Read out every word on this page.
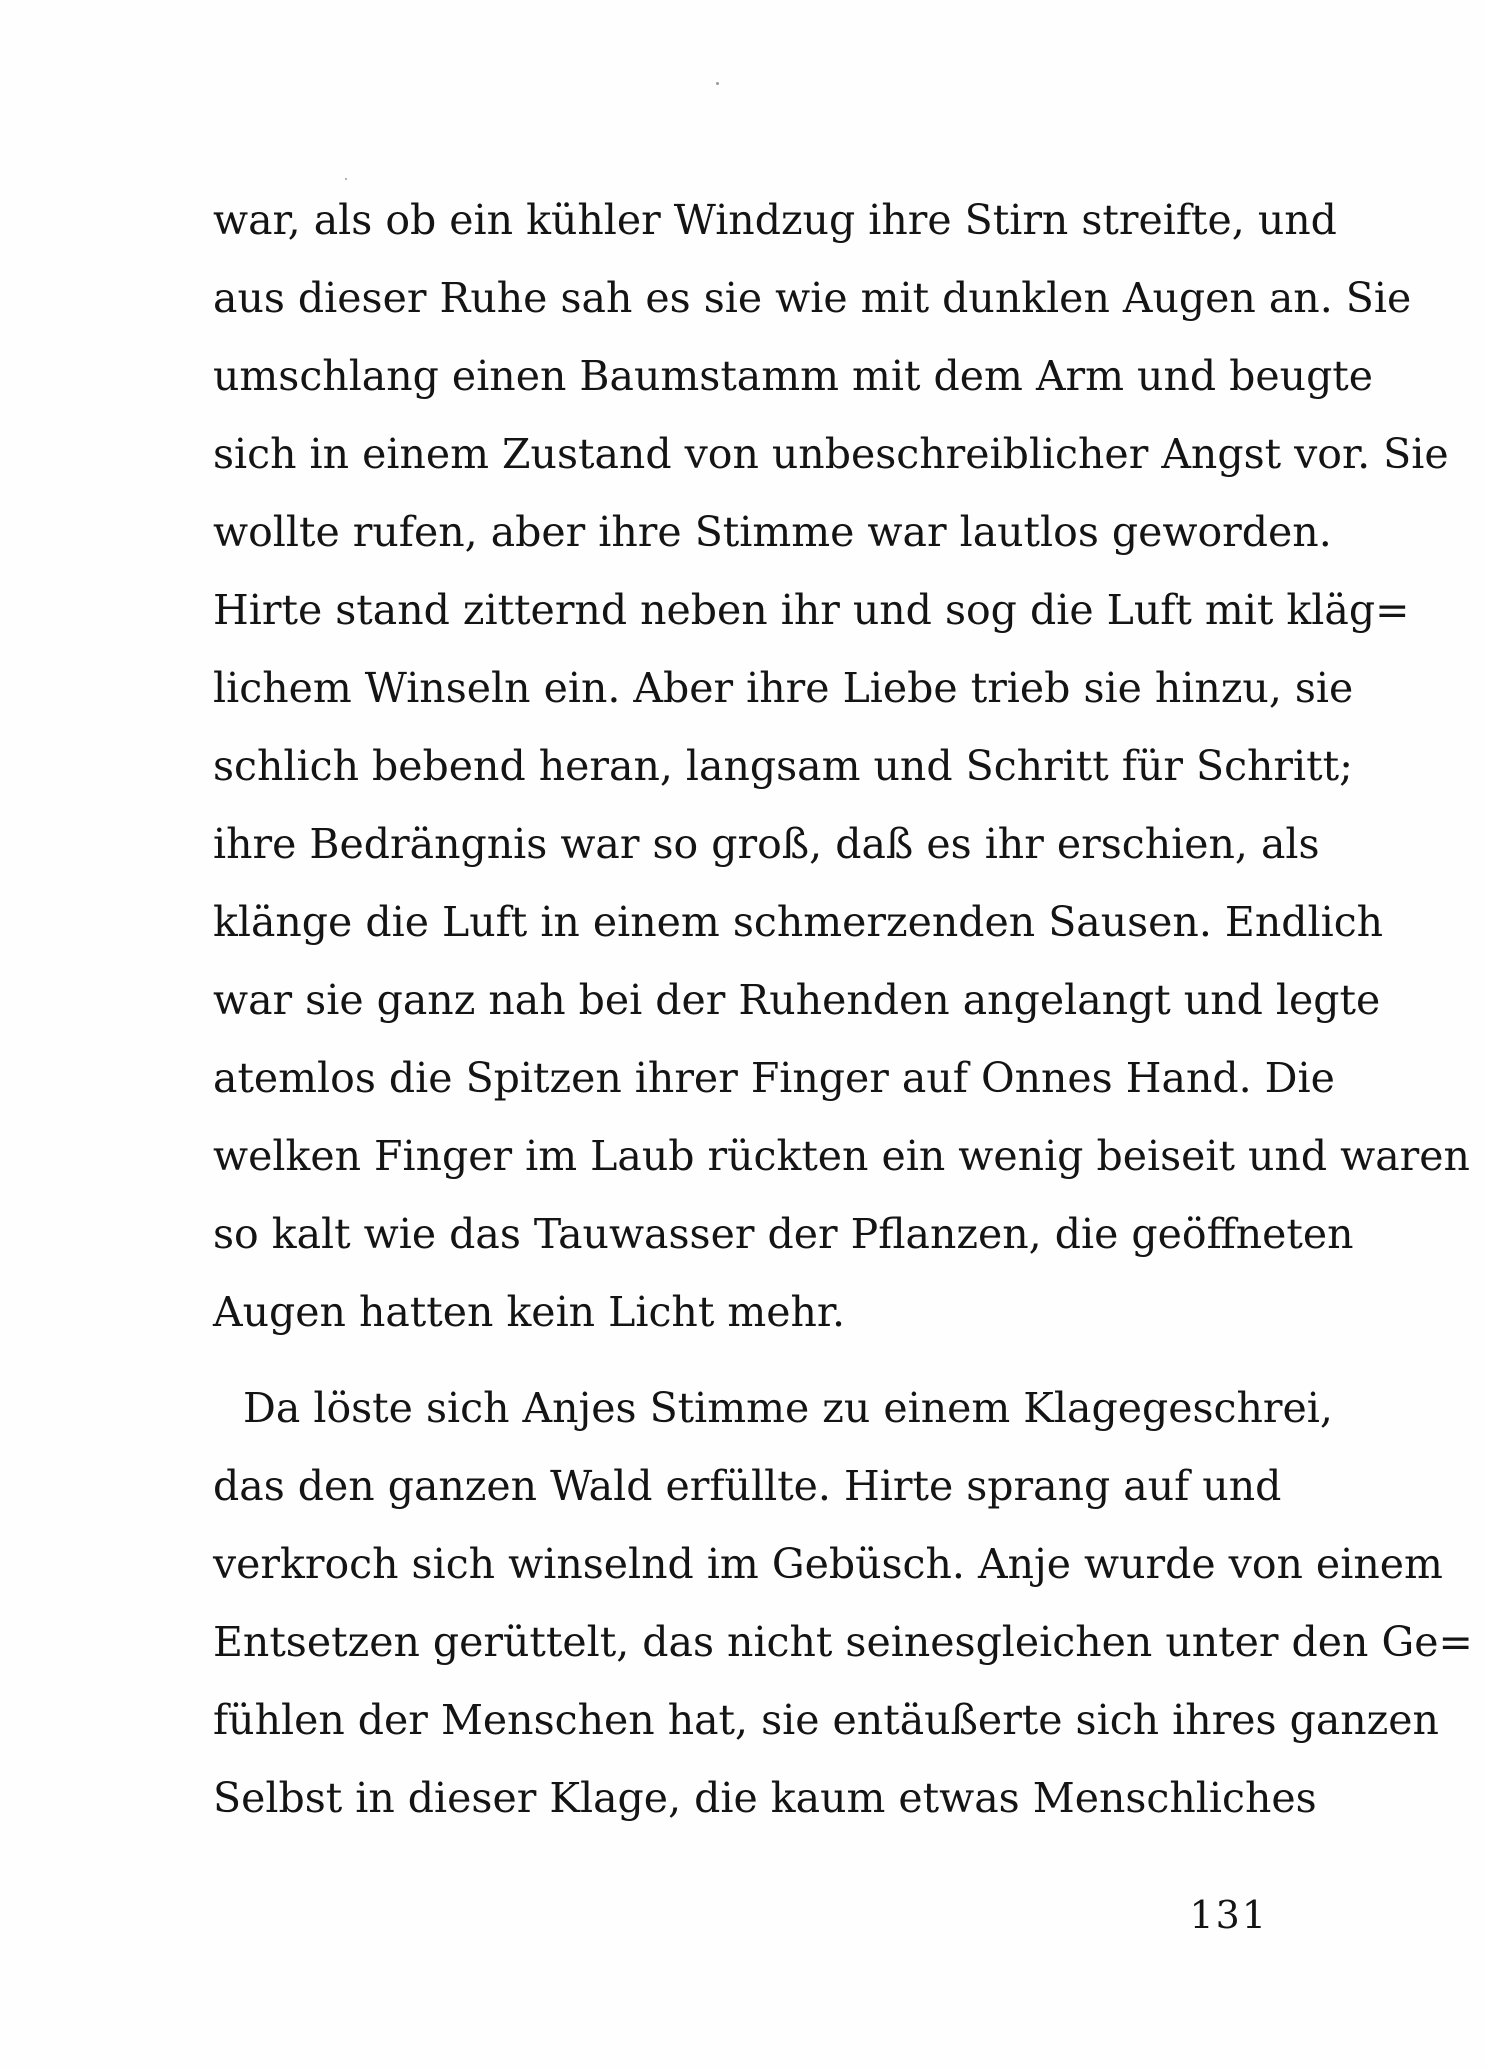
war, als ob ein kühler Windzug ihre Stirn streifte, und
aus dieser Ruhe sah es sie wie mit dunklen Augen an. Sie
umschlang einen Baumstamm mit dem Arm und beugte
sich in einem Zustand von unbeschreiblicher Angst vor. Sie
wollte rufen, aber ihre Stimme war lautlos geworden.
Hirte stand zitternd neben ihr und sog die Luft mit kläg=
lichem Winseln ein. Aber ihre Liebe trieb sie hinzu, sie
schlich bebend heran, langsam und Schritt für Schritt;
ihre Bedrängnis war so groß, daß es ihr erschien, als
klänge die Luft in einem schmerzenden Sausen. Endlich
war sie ganz nah bei der Ruhenden angelangt und legte
atemlos die Spitzen ihrer Finger auf Onnes Hand. Die
welken Finger im Laub rückten ein wenig beiseit und waren
so kalt wie das Tauwasser der Pflanzen, die geöffneten
Augen hatten kein Licht mehr.
Da löste sich Anjes Stimme zu einem Klagegeschrei,
das den ganzen Wald erfüllte. Hirte sprang auf und
verkroch sich winselnd im Gebüsch. Anje wurde von einem
Entsetzen gerüttelt, das nicht seinesgleichen unter den Ge=
fühlen der Menschen hat, sie entäußerte sich ihres ganzen
Selbst in dieser Klage, die kaum etwas Menschliches
131
